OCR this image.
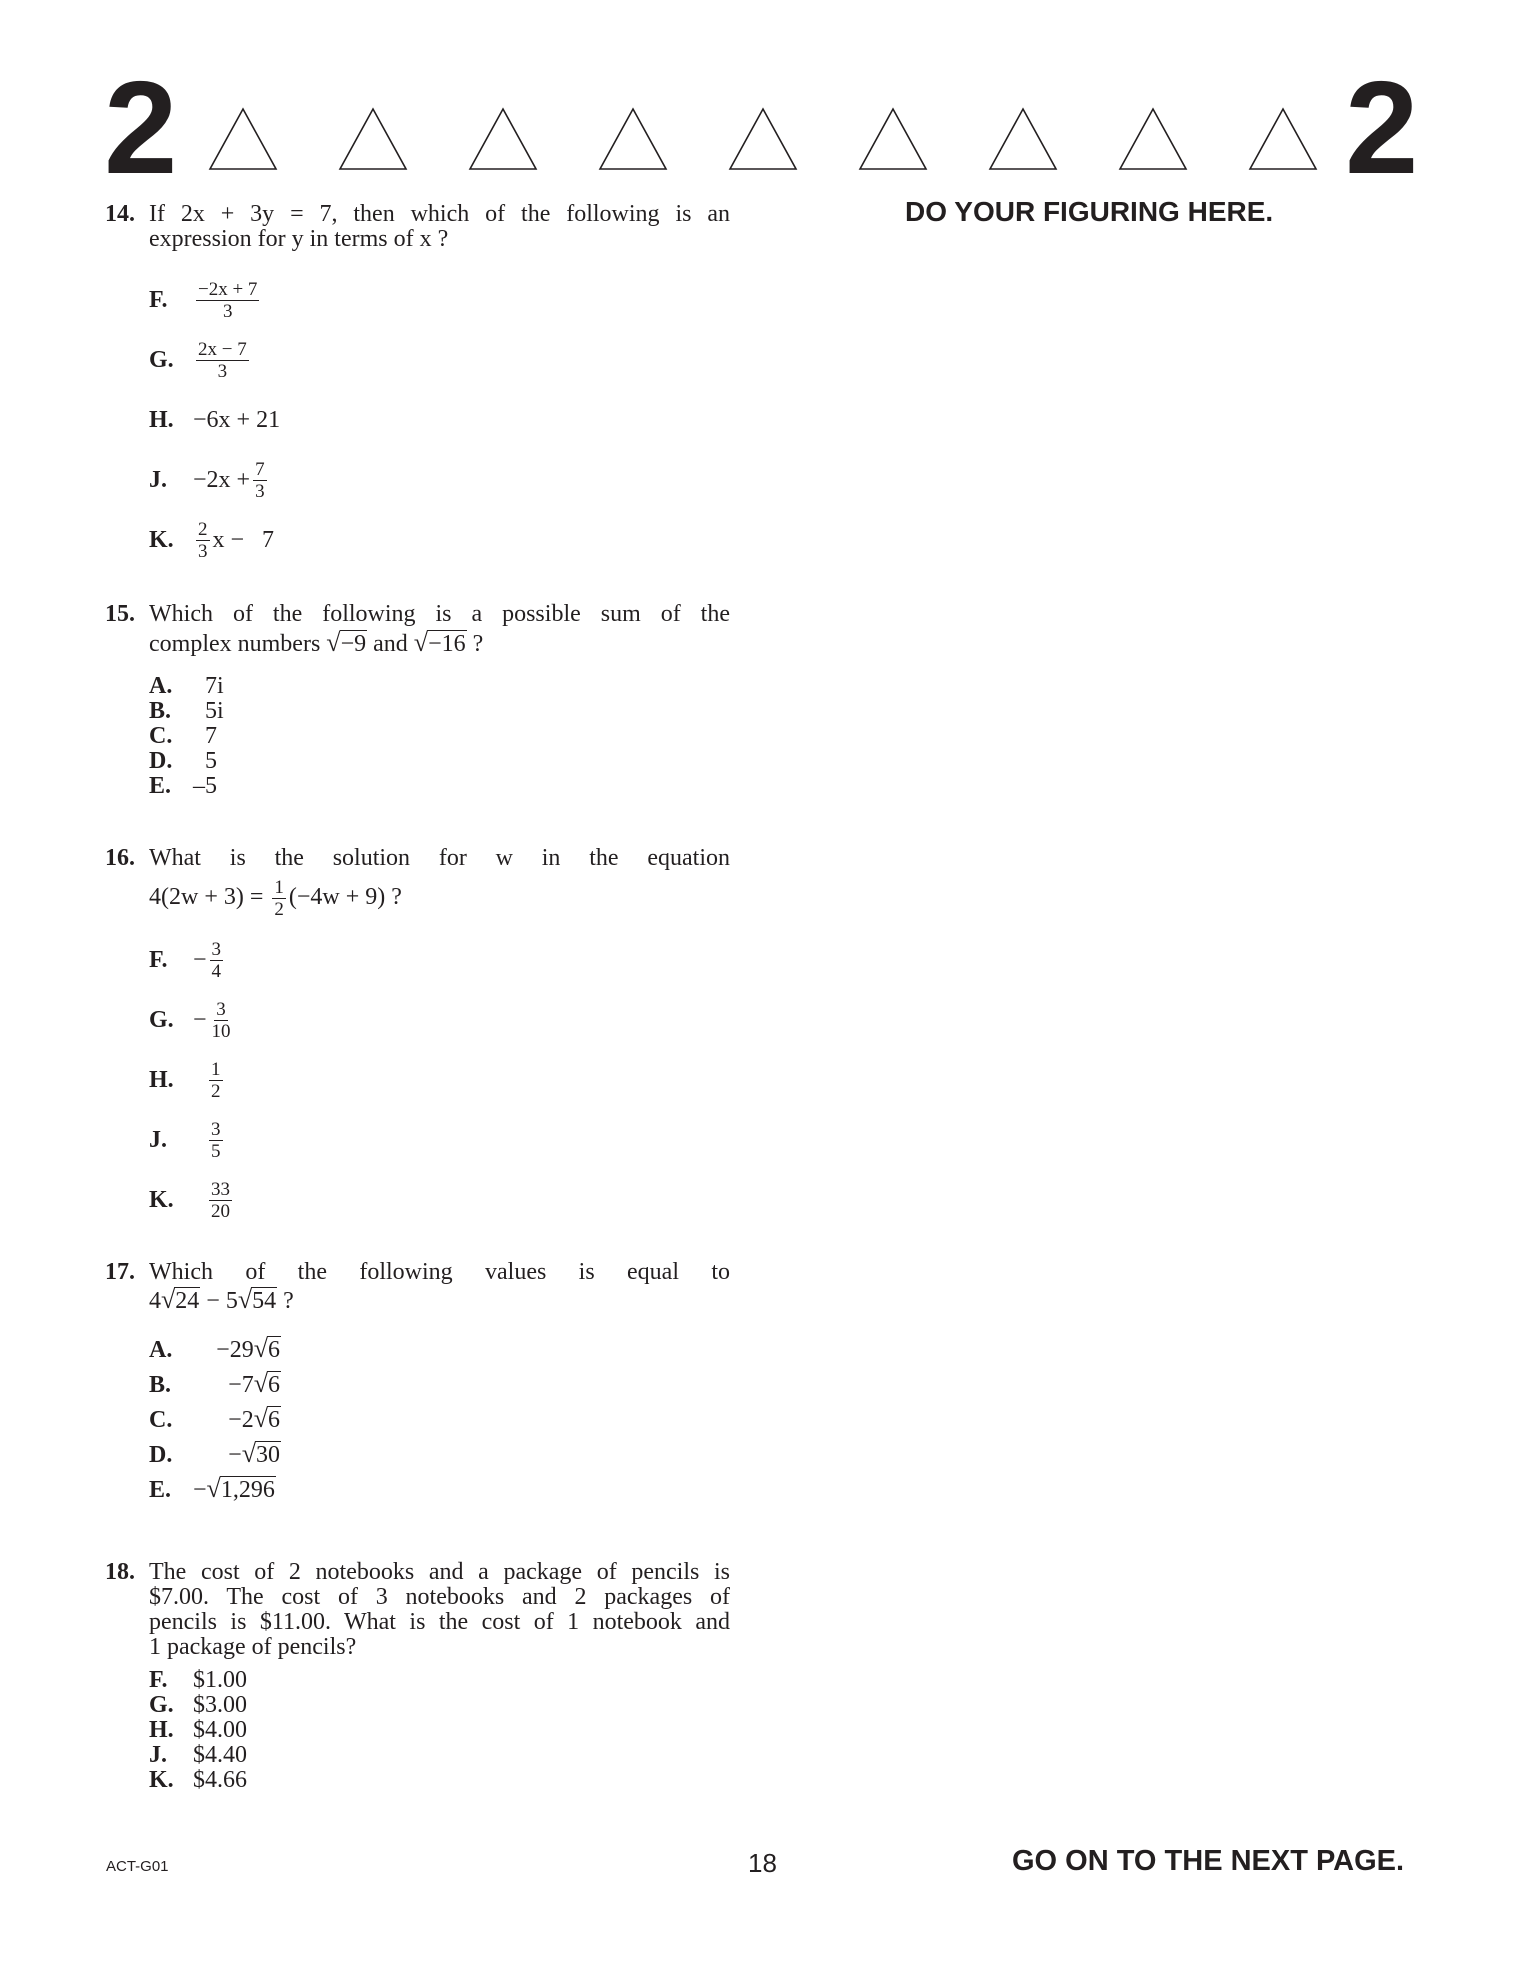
2	2
DO YOUR FIGURING HERE.
14. If 2x + 3y = 7, then which of the following is an
expression for y in terms of x ?
F.	$\frac{-2x + 7}{3}$
G.	$\frac{2x - 7}{3}$
H. −6x + 21
J.	$-2x + \frac{7}{3}$
K.	$\frac{2}{3}$ x −   7
15. Which of the following is a possible sum of the
complex numbers √−9 and √−16 ?
A. 7i
B. 5i
C. 7
D. 5
E. –5
16. What is the solution for w in the equation
$4(2w + 3) = \frac{1}{2} (-4w + 9)$ ?
F.	− $\frac{3}{4}$
G. − $\frac{3}{10}$
H.	$\frac{1}{2}$
J.	$\frac{3}{5}$
K.	$\frac{33}{20}$
17. Which of the following values is equal to
4√24 − 5√54 ?
A. −29√6
B. −7√6
C. −2√6
D. −√30
E. −√1,296
18. The cost of 2 notebooks and a package of pencils is
$7.00. The cost of 3 notebooks and 2 packages of
pencils is $11.00. What is the cost of 1 notebook and
1 package of pencils?
F. $1.00
G. $3.00
H. $4.00
J. $4.40
K. $4.66
ACT-G01	18	GO ON TO THE NEXT PAGE.
